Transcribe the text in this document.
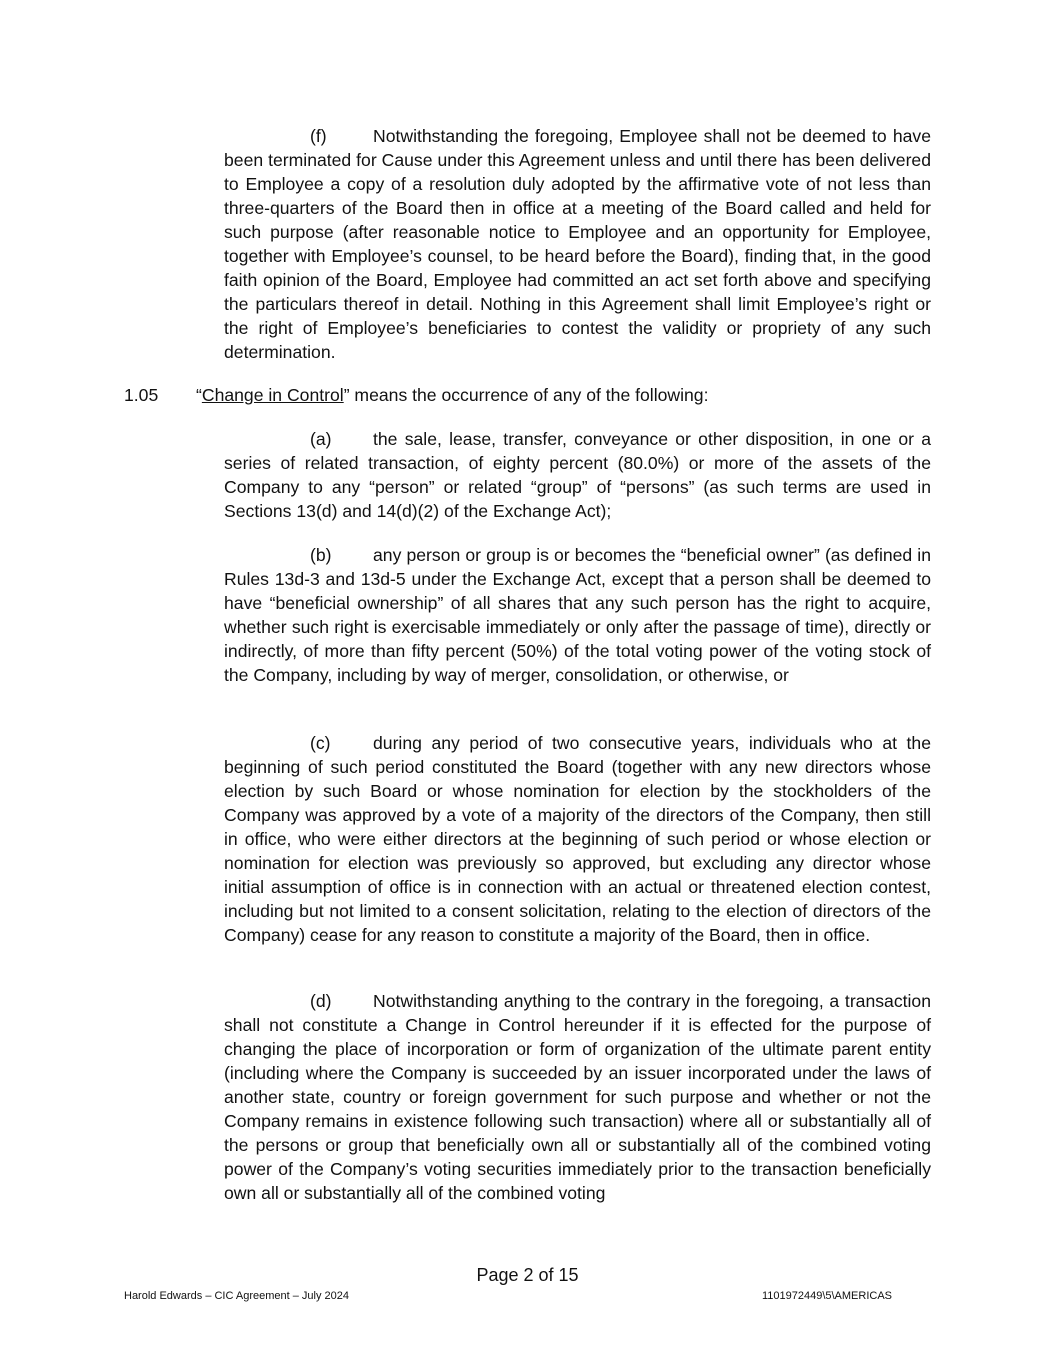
(f)	Notwithstanding the foregoing, Employee shall not be deemed to have been terminated for Cause under this Agreement unless and until there has been delivered to Employee a copy of a resolution duly adopted by the affirmative vote of not less than three-quarters of the Board then in office at a meeting of the Board called and held for such purpose (after reasonable notice to Employee and an opportunity for Employee, together with Employee’s counsel, to be heard before the Board), finding that, in the good faith opinion of the Board, Employee had committed an act set forth above and specifying the particulars thereof in detail. Nothing in this Agreement shall limit Employee’s right or the right of Employee’s beneficiaries to contest the validity or propriety of any such determination.

1.05 “Change in Control” means the occurrence of any of the following:

(a) the sale, lease, transfer, conveyance or other disposition, in one or a series of related transaction, of eighty percent (80.0%) or more of the assets of the Company to any “person” or related “group” of “persons” (as such terms are used in Sections 13(d) and 14(d)(2) of the Exchange Act);

(b) any person or group is or becomes the “beneficial owner” (as defined in Rules 13d-3 and 13d-5 under the Exchange Act, except that a person shall be deemed to have “beneficial ownership” of all shares that any such person has the right to acquire, whether such right is exercisable immediately or only after the passage of time), directly or indirectly, of more than fifty percent (50%) of the total voting power of the voting stock of the Company, including by way of merger, consolidation, or otherwise, or

(c) during any period of two consecutive years, individuals who at the beginning of such period constituted the Board (together with any new directors whose election by such Board or whose nomination for election by the stockholders of the Company was approved by a vote of a majority of the directors of the Company, then still in office, who were either directors at the beginning of such period or whose election or nomination for election was previously so approved, but excluding any director whose initial assumption of office is in connection with an actual or threatened election contest, including but not limited to a consent solicitation, relating to the election of directors of the Company) cease for any reason to constitute a majority of the Board, then in office.

(d) Notwithstanding anything to the contrary in the foregoing, a transaction shall not constitute a Change in Control hereunder if it is effected for the purpose of changing the place of incorporation or form of organization of the ultimate parent entity (including where the Company is succeeded by an issuer incorporated under the laws of another state, country or foreign government for such purpose and whether or not the Company remains in existence following such transaction) where all or substantially all of the persons or group that beneficially own all or substantially all of the combined voting power of the Company’s voting securities immediately prior to the transaction beneficially own all or substantially all of the combined voting

Page 2 of 15
Harold Edwards – CIC Agreement – July 2024	1101972449\5\AMERICAS
